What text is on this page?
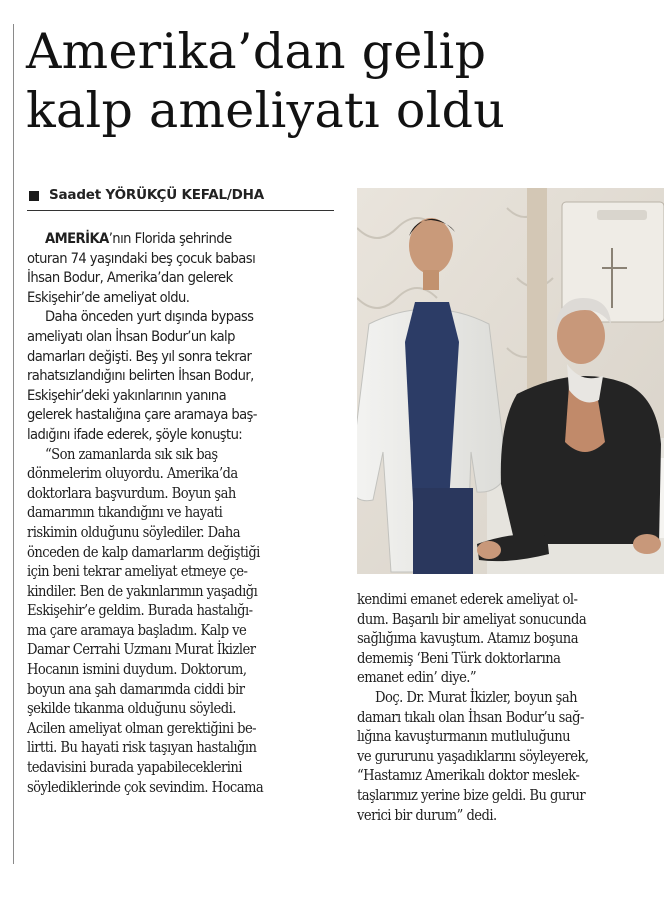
Amerika’dan gelip
kalp ameliyatı oldu
Saadet YÖRÜKÇÜ KEFAL/DHA

AMERİKA’nın Florida şehrinde
oturan 74 yaşındaki beş çocuk babası
İhsan Bodur, Amerika’dan gelerek
Eskişehir’de ameliyat oldu.

Daha önceden yurt dışında bypass
ameliyatı olan İhsan Bodur’un kalp
damarları değişti. Beş yıl sonra tekrar
rahatsızlandığını belirten İhsan Bodur,
Eskişehir’deki yakınlarının yanına
gelerek hastalığına çare aramaya baş-
ladığını ifade ederek, şöyle konuştu:

“Son zamanlarda sık sık baş
dönmelerim oluyordu. Amerika’da
doktorlara başvurdum. Boyun şah
damarımın tıkandığını ve hayati
riskimin olduğunu söylediler. Daha
önceden de kalp damarlarım değiştiği
için beni tekrar ameliyat etmeye çe-
kindiler. Ben de yakınlarımın yaşadığı
Eskişehir’e geldim. Burada hastalığı-
ma çare aramaya başladım. Kalp ve
Damar Cerrahi Uzmanı Murat İkizler
Hocanın ismini duydum. Doktorum,
boyun ana şah damarımda ciddi bir
şekilde tıkanma olduğunu söyledi.
Acilen ameliyat olman gerektiğini be-
lirtti. Bu hayati risk taşıyan hastalığın
tedavisini burada yapabileceklerini
söylediklerinde çok sevindim. Hocama

kendimi emanet ederek ameliyat ol-
dum. Başarılı bir ameliyat sonucunda
sağlığıma kavuştum. Atamız boşuna
dememiş ‘Beni Türk doktorlarına
emanet edin’ diye.”

Doç. Dr. Murat İkizler, boyun şah
damarı tıkalı olan İhsan Bodur’u sağ-
lığına kavuşturmanın mutluluğunu
ve gururunu yaşadıklarını söyleyerek,
“Hastamız Amerikalı doktor meslek-
taşlarımız yerine bize geldi. Bu gurur
verici bir durum” dedi.
